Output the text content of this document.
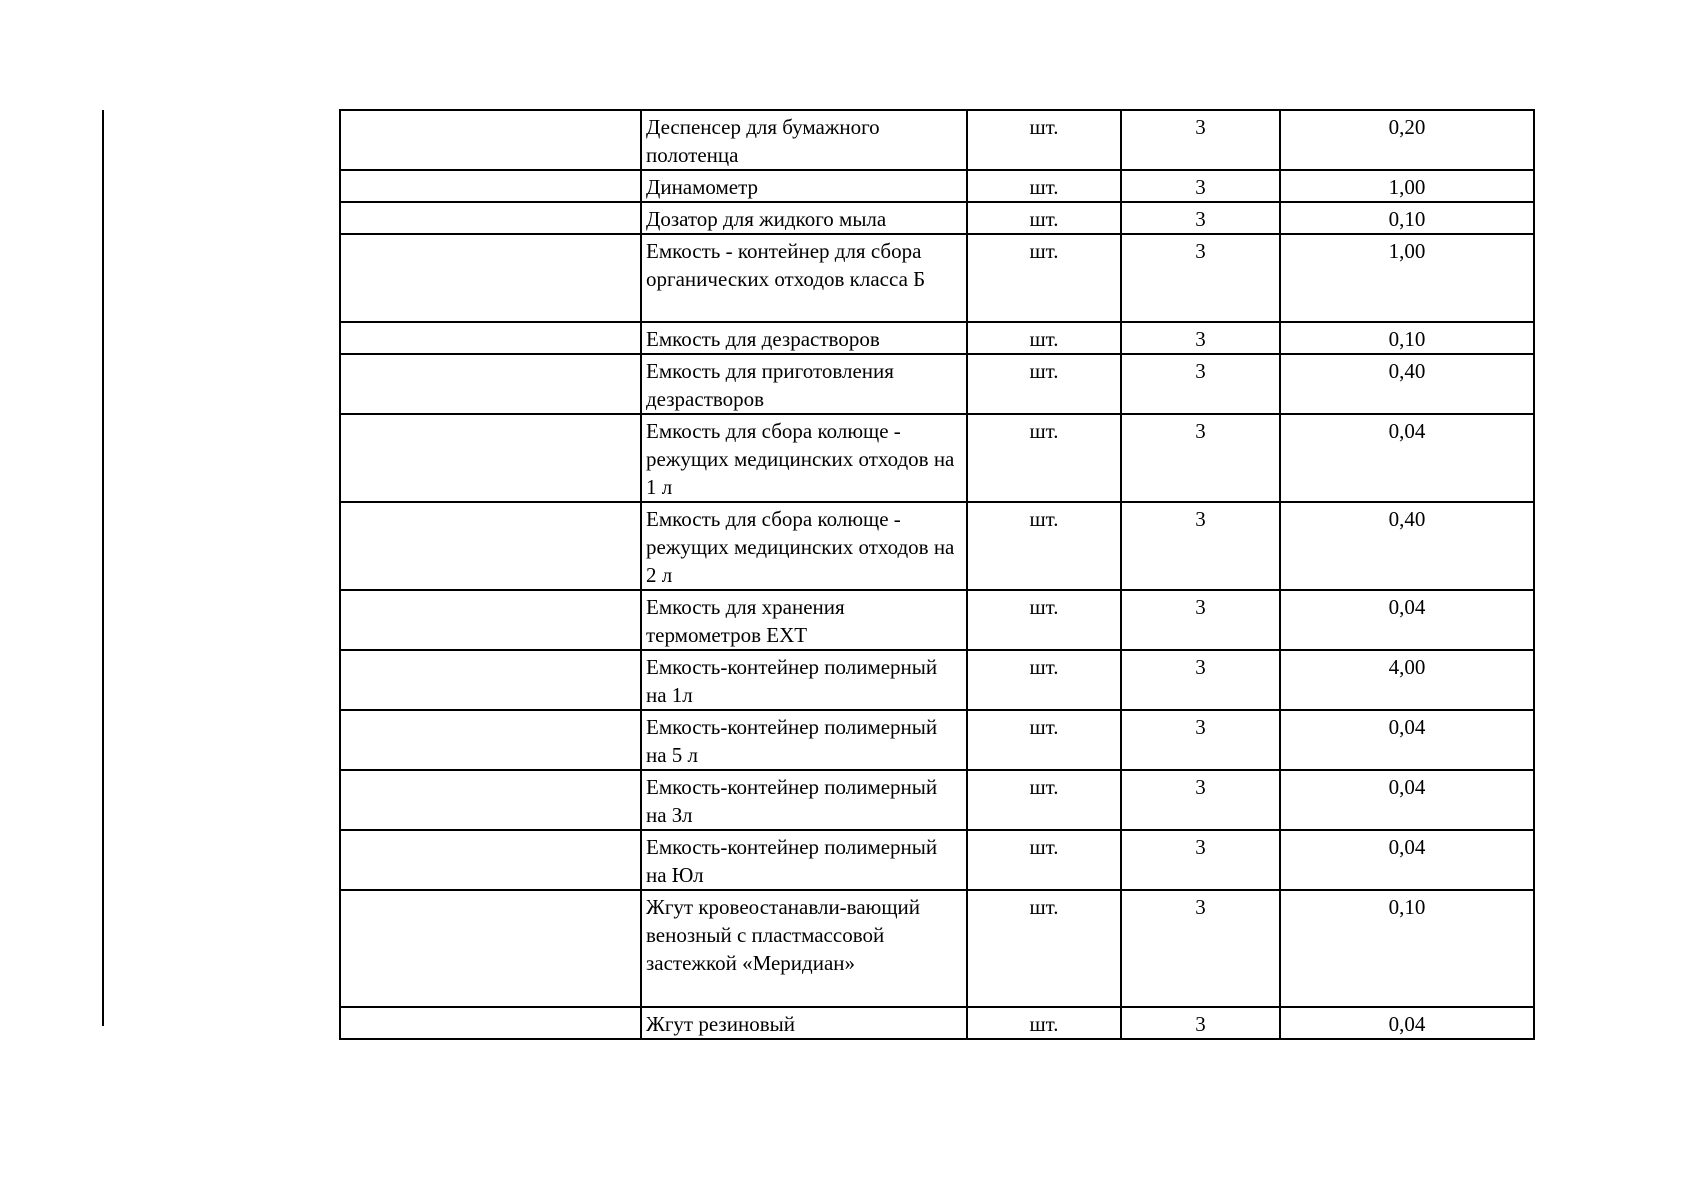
	Деспенсер для бумажного полотенца	шт.	3	0,20
	Динамометр	шт.	3	1,00
	Дозатор для жидкого мыла	шт.	3	0,10
	Емкость - контейнер для сбора органических отходов класса Б	шт.	3	1,00
	Емкость для дезрастворов	шт.	3	0,10
	Емкость для приготовления дезрастворов	шт.	3	0,40
	Емкость для сбора колюще - режущих медицинских отходов на 1 л	шт.	3	0,04
	Емкость для сбора колюще - режущих медицинских отходов на 2 л	шт.	3	0,40
	Емкость для хранения термометров ЕХТ	шт.	3	0,04
	Емкость-контейнер полимерный на 1л	шт.	3	4,00
	Емкость-контейнер полимерный на 5 л	шт.	3	0,04
	Емкость-контейнер полимерный на Зл	шт.	3	0,04
	Емкость-контейнер полимерный на Юл	шт.	3	0,04
	Жгут кровеостанавли-вающий венозный с пластмассовой застежкой «Меридиан»	шт.	3	0,10
	Жгут резиновый	шт.	3	0,04
